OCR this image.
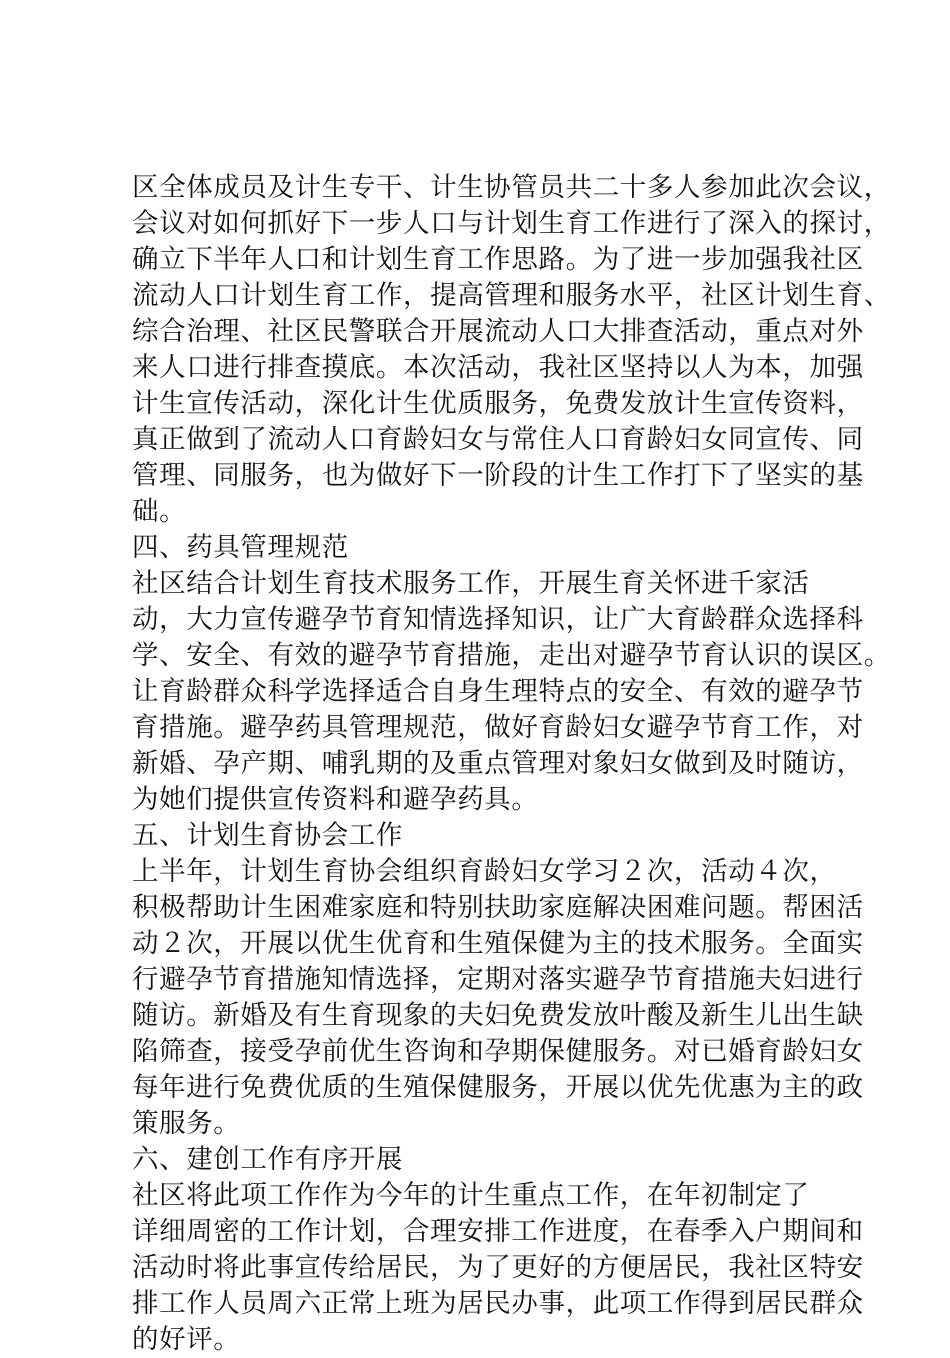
区全体成员及计生专干、计生协管员共二十多人参加此次会议，
会议对如何抓好下一步人口与计划生育工作进行了深入的探讨，
确立下半年人口和计划生育工作思路。为了进一步加强我社区
流动人口计划生育工作，提高管理和服务水平，社区计划生育、
综合治理、社区民警联合开展流动人口大排查活动，重点对外
来人口进行排查摸底。本次活动，我社区坚持以人为本，加强
计生宣传活动，深化计生优质服务，免费发放计生宣传资料，
真正做到了流动人口育龄妇女与常住人口育龄妇女同宣传、同
管理、同服务，也为做好下一阶段的计生工作打下了坚实的基
础。
四、药具管理规范
社区结合计划生育技术服务工作，开展生育关怀进千家活
动，大力宣传避孕节育知情选择知识，让广大育龄群众选择科
学、安全、有效的避孕节育措施，走出对避孕节育认识的误区。
让育龄群众科学选择适合自身生理特点的安全、有效的避孕节
育措施。避孕药具管理规范，做好育龄妇女避孕节育工作，对
新婚、孕产期、哺乳期的及重点管理对象妇女做到及时随访，
为她们提供宣传资料和避孕药具。
五、计划生育协会工作
上半年，计划生育协会组织育龄妇女学习２次，活动４次，
积极帮助计生困难家庭和特别扶助家庭解决困难问题。帮困活
动２次，开展以优生优育和生殖保健为主的技术服务。全面实
行避孕节育措施知情选择，定期对落实避孕节育措施夫妇进行
随访。新婚及有生育现象的夫妇免费发放叶酸及新生儿出生缺
陷筛查，接受孕前优生咨询和孕期保健服务。对已婚育龄妇女
每年进行免费优质的生殖保健服务，开展以优先优惠为主的政
策服务。
六、建创工作有序开展
社区将此项工作作为今年的计生重点工作，在年初制定了
详细周密的工作计划，合理安排工作进度，在春季入户期间和
活动时将此事宣传给居民，为了更好的方便居民，我社区特安
排工作人员周六正常上班为居民办事，此项工作得到居民群众
的好评。
